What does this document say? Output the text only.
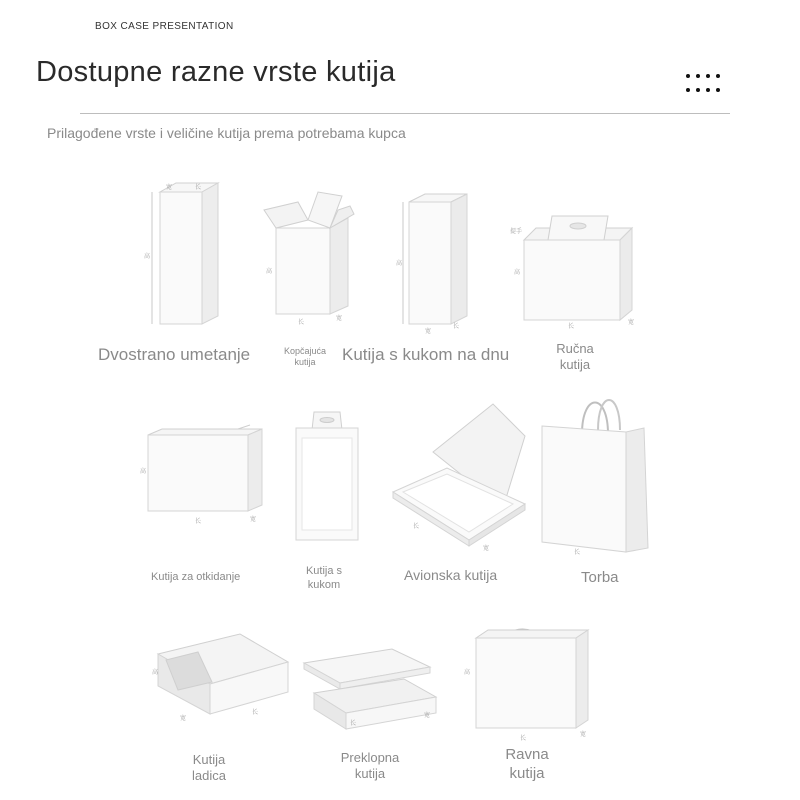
BOX CASE PRESENTATION
Dostupne razne vrste kutija
Prilagođene vrste i veličine kutija prema potrebama kupca
高
宽	长
Dvostrano umetanje
高
长
宽
Kopčajuća kutija
高
宽
长
Kutija s kukom na dnu
提手
高
长
宽
Ručna kutija
高
长	宽
Kutija za otkidanje	Kutija s kukom
长
宽
Avionska kutija
长
Torba
高
宽
长
Kutija ladica
长
宽
Preklopna kutija
高
长
宽
Ravna kutija
